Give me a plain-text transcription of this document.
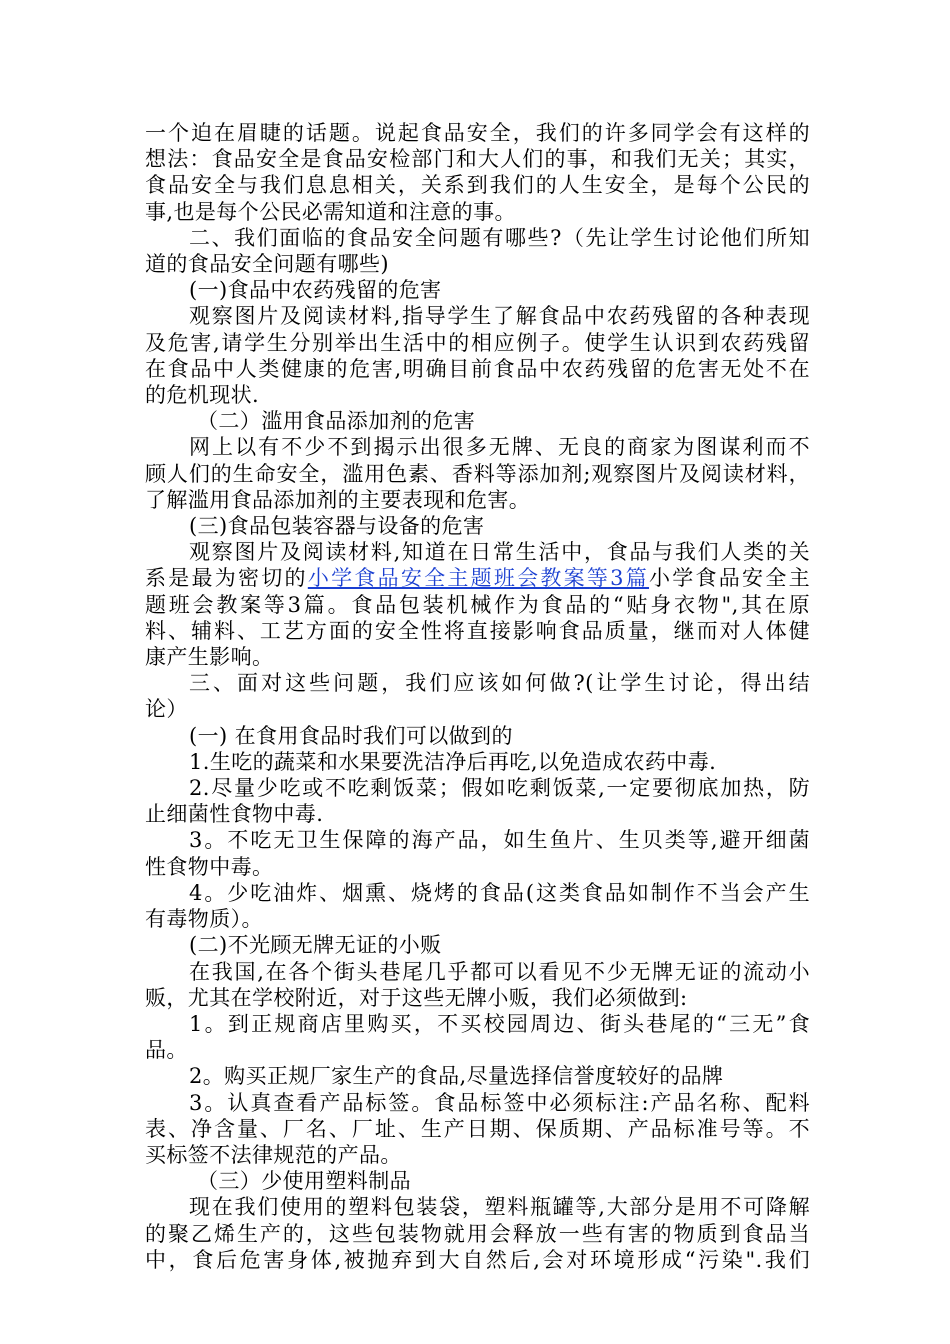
一个迫在眉睫的话题。说起食品安全，我们的许多同学会有这样的
想法：食品安全是食品安检部门和大人们的事，和我们无关；其实，
食品安全与我们息息相关，关系到我们的人生安全，是每个公民的
事,也是每个公民必需知道和注意的事。
二、我们面临的食品安全问题有哪些?（先让学生讨论他们所知
道的食品安全问题有哪些)
(一)食品中农药残留的危害
观察图片及阅读材料,指导学生了解食品中农药残留的各种表现
及危害,请学生分别举出生活中的相应例子。使学生认识到农药残留
在食品中人类健康的危害,明确目前食品中农药残留的危害无处不在
的危机现状.
（二）滥用食品添加剂的危害
网上以有不少不到揭示出很多无牌、无良的商家为图谋利而不
顾人们的生命安全，滥用色素、香料等添加剂;观察图片及阅读材料，
了解滥用食品添加剂的主要表现和危害。
(三)食品包装容器与设备的危害
观察图片及阅读材料,知道在日常生活中，食品与我们人类的关
系是最为密切的小学食品安全主题班会教案等3篇小学食品安全主
题班会教案等3篇。食品包装机械作为食品的“贴身衣物",其在原
料、辅料、工艺方面的安全性将直接影响食品质量，继而对人体健
康产生影响。
三、面对这些问题，我们应该如何做?(让学生讨论，得出结
论）
(一) 在食用食品时我们可以做到的
1.生吃的蔬菜和水果要洗洁净后再吃,以免造成农药中毒.
2.尽量少吃或不吃剩饭菜；假如吃剩饭菜,一定要彻底加热，防
止细菌性食物中毒.
3。不吃无卫生保障的海产品，如生鱼片、生贝类等,避开细菌
性食物中毒。
4。少吃油炸、烟熏、烧烤的食品(这类食品如制作不当会产生
有毒物质）。
(二)不光顾无牌无证的小贩
在我国,在各个街头巷尾几乎都可以看见不少无牌无证的流动小
贩，尤其在学校附近，对于这些无牌小贩，我们必须做到:
1。到正规商店里购买，不买校园周边、街头巷尾的“三无”食
品。
2。购买正规厂家生产的食品,尽量选择信誉度较好的品牌
3。认真查看产品标签。食品标签中必须标注:产品名称、配料
表、净含量、厂名、厂址、生产日期、保质期、产品标准号等。不
买标签不法律规范的产品。
（三）少使用塑料制品
现在我们使用的塑料包装袋，塑料瓶罐等,大部分是用不可降解
的聚乙烯生产的，这些包装物就用会释放一些有害的物质到食品当
中，食后危害身体,被抛弃到大自然后,会对环境形成“污染".我们
